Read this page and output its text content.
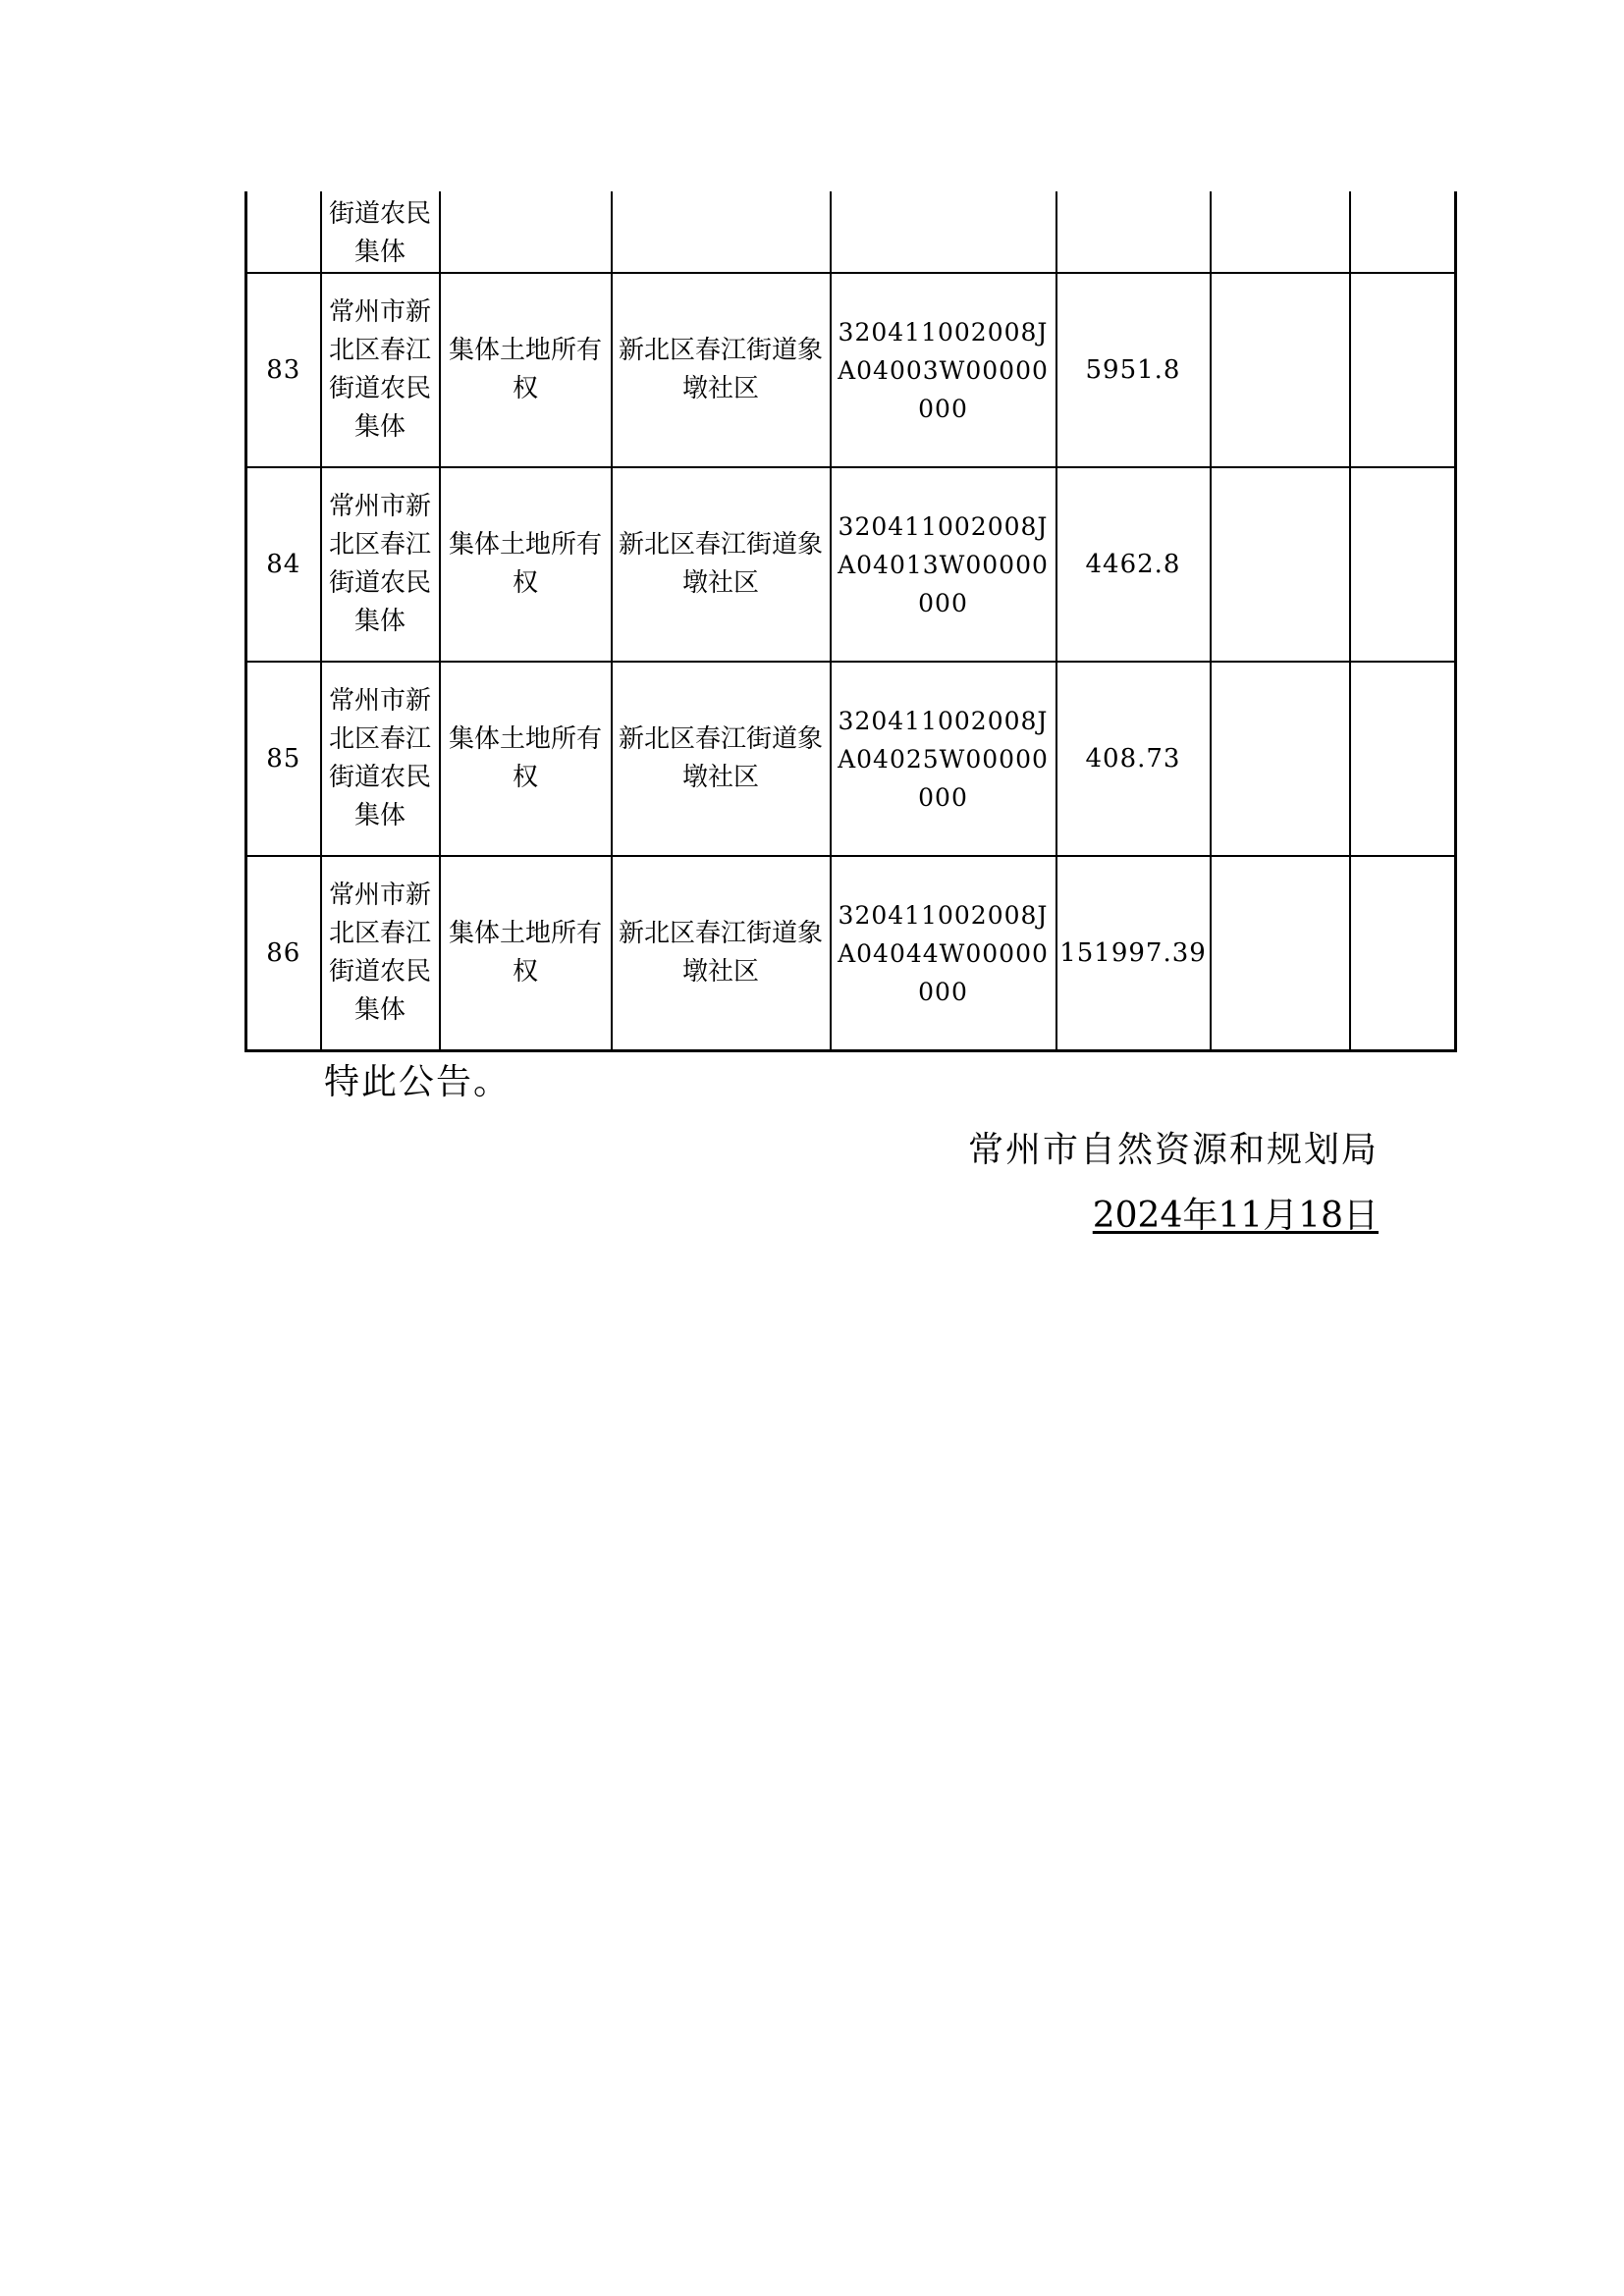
	街道农民集体						
83	常州市新北区春江街道农民集体	集体土地所有权	新北区春江街道象墩社区	320411002008JA04003W00000000	5951.8		
84	常州市新北区春江街道农民集体	集体土地所有权	新北区春江街道象墩社区	320411002008JA04013W00000000	4462.8		
85	常州市新北区春江街道农民集体	集体土地所有权	新北区春江街道象墩社区	320411002008JA04025W00000000	408.73		
86	常州市新北区春江街道农民集体	集体土地所有权	新北区春江街道象墩社区	320411002008JA04044W00000000	151997.39		
特此公告。
常州市自然资源和规划局
2024年11月18日
